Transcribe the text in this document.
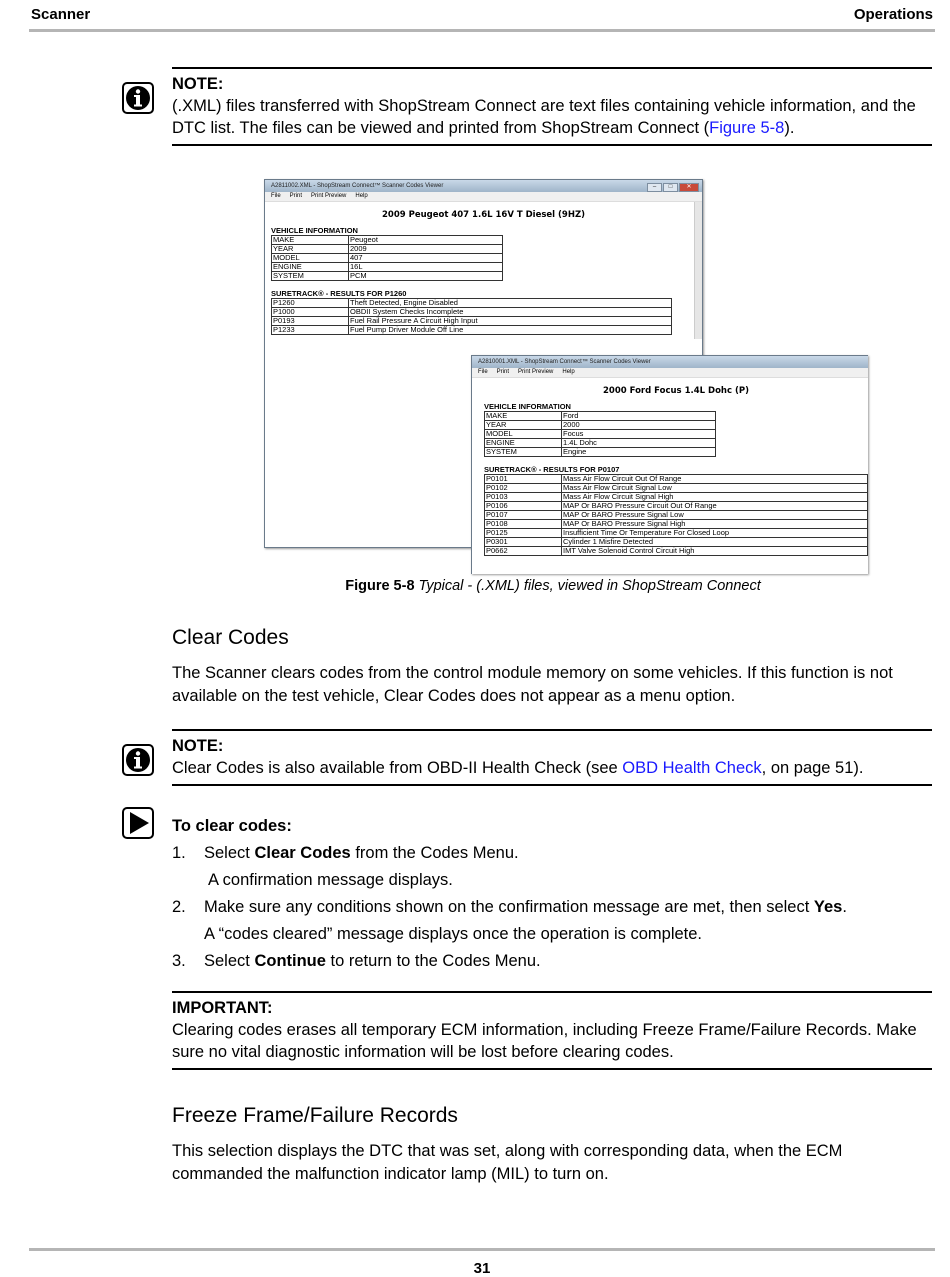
Scanner	Operations
NOTE:
(.XML) files transferred with ShopStream Connect are text files containing vehicle information, and the DTC list. The files can be viewed and printed from ShopStream Connect (Figure 5-8).
A2811002.XML - ShopStream Connect™ Scanner Codes Viewer	– □ ✕
File Print Print Preview Help
2009 Peugeot 407 1.6L 16V T Diesel (9HZ)
VEHICLE INFORMATION
MAKE	Peugeot
YEAR	2009
MODEL	407
ENGINE	16L
SYSTEM	PCM
SURETRACK® - RESULTS FOR P1260
P1260	Theft Detected, Engine Disabled
P1000	OBDII System Checks Incomplete
P0193	Fuel Rail Pressure A Circuit High Input
P1233	Fuel Pump Driver Module Off Line
A2810001.XML - ShopStream Connect™ Scanner Codes Viewer
File Print Print Preview Help
2000 Ford Focus 1.4L Dohc (P)
VEHICLE INFORMATION
MAKE	Ford
YEAR	2000
MODEL	Focus
ENGINE	1.4L Dohc
SYSTEM	Engine
SURETRACK® - RESULTS FOR P0107
P0101	Mass Air Flow Circuit Out Of Range
P0102	Mass Air Flow Circuit Signal Low
P0103	Mass Air Flow Circuit Signal High
P0106	MAP Or BARO Pressure Circuit Out Of Range
P0107	MAP Or BARO Pressure Signal Low
P0108	MAP Or BARO Pressure Signal High
P0125	Insufficient Time Or Temperature For Closed Loop
P0301	Cylinder 1 Misfire Detected
P0662	IMT Valve Solenoid Control Circuit High
Figure 5-8 Typical - (.XML) files, viewed in ShopStream Connect
Clear Codes
The Scanner clears codes from the control module memory on some vehicles. If this function is not available on the test vehicle, Clear Codes does not appear as a menu option.
NOTE:
Clear Codes is also available from OBD-II Health Check (see OBD Health Check, on page 51).
To clear codes:
1. Select Clear Codes from the Codes Menu.
A confirmation message displays.
2. Make sure any conditions shown on the confirmation message are met, then select Yes.
A “codes cleared” message displays once the operation is complete.
3. Select Continue to return to the Codes Menu.
IMPORTANT:
Clearing codes erases all temporary ECM information, including Freeze Frame/Failure Records. Make sure no vital diagnostic information will be lost before clearing codes.
Freeze Frame/Failure Records
This selection displays the DTC that was set, along with corresponding data, when the ECM commanded the malfunction indicator lamp (MIL) to turn on.
31
